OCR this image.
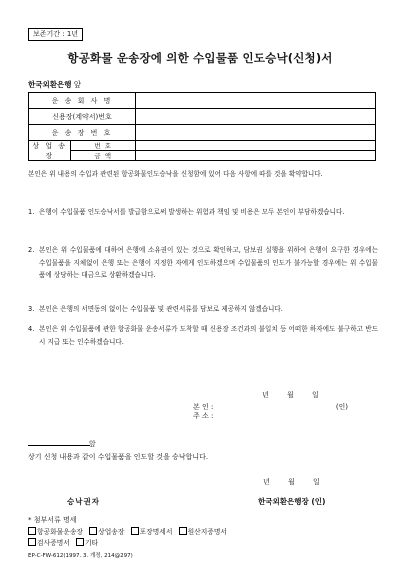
보존기간 : 1년
항공화물 운송장에 의한 수입물품 인도승낙(신청)서
한국외환은행 앞
운 송 회 사 명	
신용장(계약서)번호	
운 송 장 번 호	

상 업 송 장
번 호
금 액

본인은 위 내용의 수입과 관련된 항공화물인도승낙을 신청함에 있어 다음 사항에 따를 것을 확약합니다.
1. 은행이 수입물품 인도승낙서를 발급함으로써 발생하는 위험과 책임 및 비용은 모두 본인이 부담하겠습니다.
2. 본인은 위 수입물품에 대하여 은행에 소유권이 있는 것으로 확인하고, 담보권 실행을 위하여 은행이 요구한 경우에는 수입물품을 지체없이 은행 또는 은행이 지정한 자에게 인도하겠으며 수입물품의 인도가 불가능할 경우에는 위 수입물품에 상당하는 대금으로 상환하겠습니다.
3. 본인은 은행의 서면동의 없이는 수입물품 및 관련서류를 담보로 제공하지 않겠습니다.
4. 본인은 위 수입물품에 관한 항공화물 운송서류가 도착할 때 신용장 조건과의 불일치 등 어떠한 하자에도 불구하고 반드시 지급 또는 인수하겠습니다.
년 월 일
본 인 :	(인)
주 소 :
앞
상기 신청 내용과 같이 수입물품을 인도할 것을 승낙합니다.
년 월 일
승낙권자	한국외환은행장 (인)
* 첨부서류 명세
항공화물운송장 상업송장 포장명세서 원산지증명서
검사증명서 기타
EP-C-FW-612(1997. 3. 개정, 214@297)
